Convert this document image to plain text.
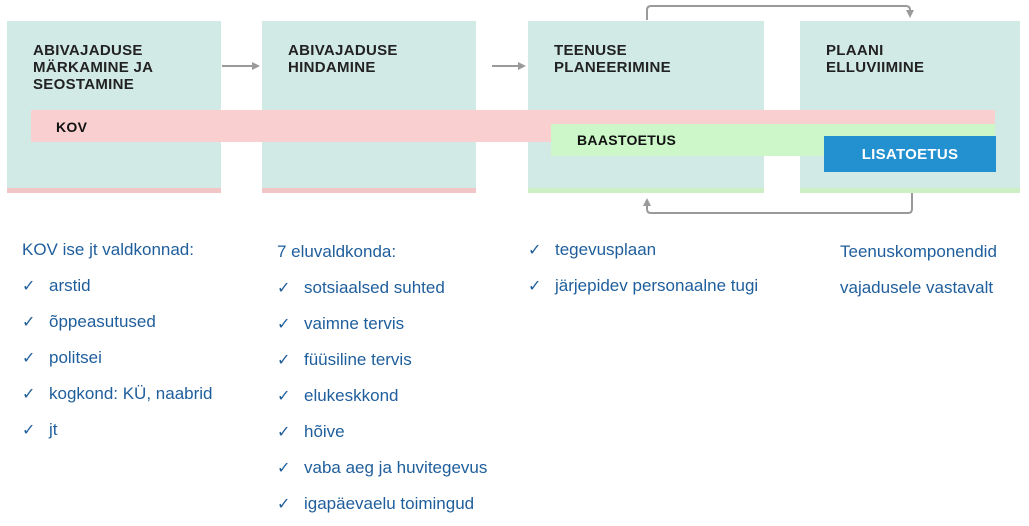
ABIVAJADUSE
MÄRKAMINE JA
SEOSTAMINE
ABIVAJADUSE
HINDAMINE
TEENUSE
PLANEERIMINE
PLAANI
ELLUVIIMINE
KOV
BAASTOETUS
LISATOETUS
KOV ise jt valdkonnad:
✓ arstid
✓ õppeasutused
✓ politsei
✓ kogkond: KÜ, naabrid
✓ jt
7 eluvaldkonda:
✓ sotsiaalsed suhted
✓ vaimne tervis
✓ füüsiline tervis
✓ elukeskkond
✓ hõive
✓ vaba aeg ja huvitegevus
✓ igapäevaelu toimingud
✓ tegevusplaan
✓ järjepidev personaalne tugi
Teenuskomponendid
vajadusele vastavalt
